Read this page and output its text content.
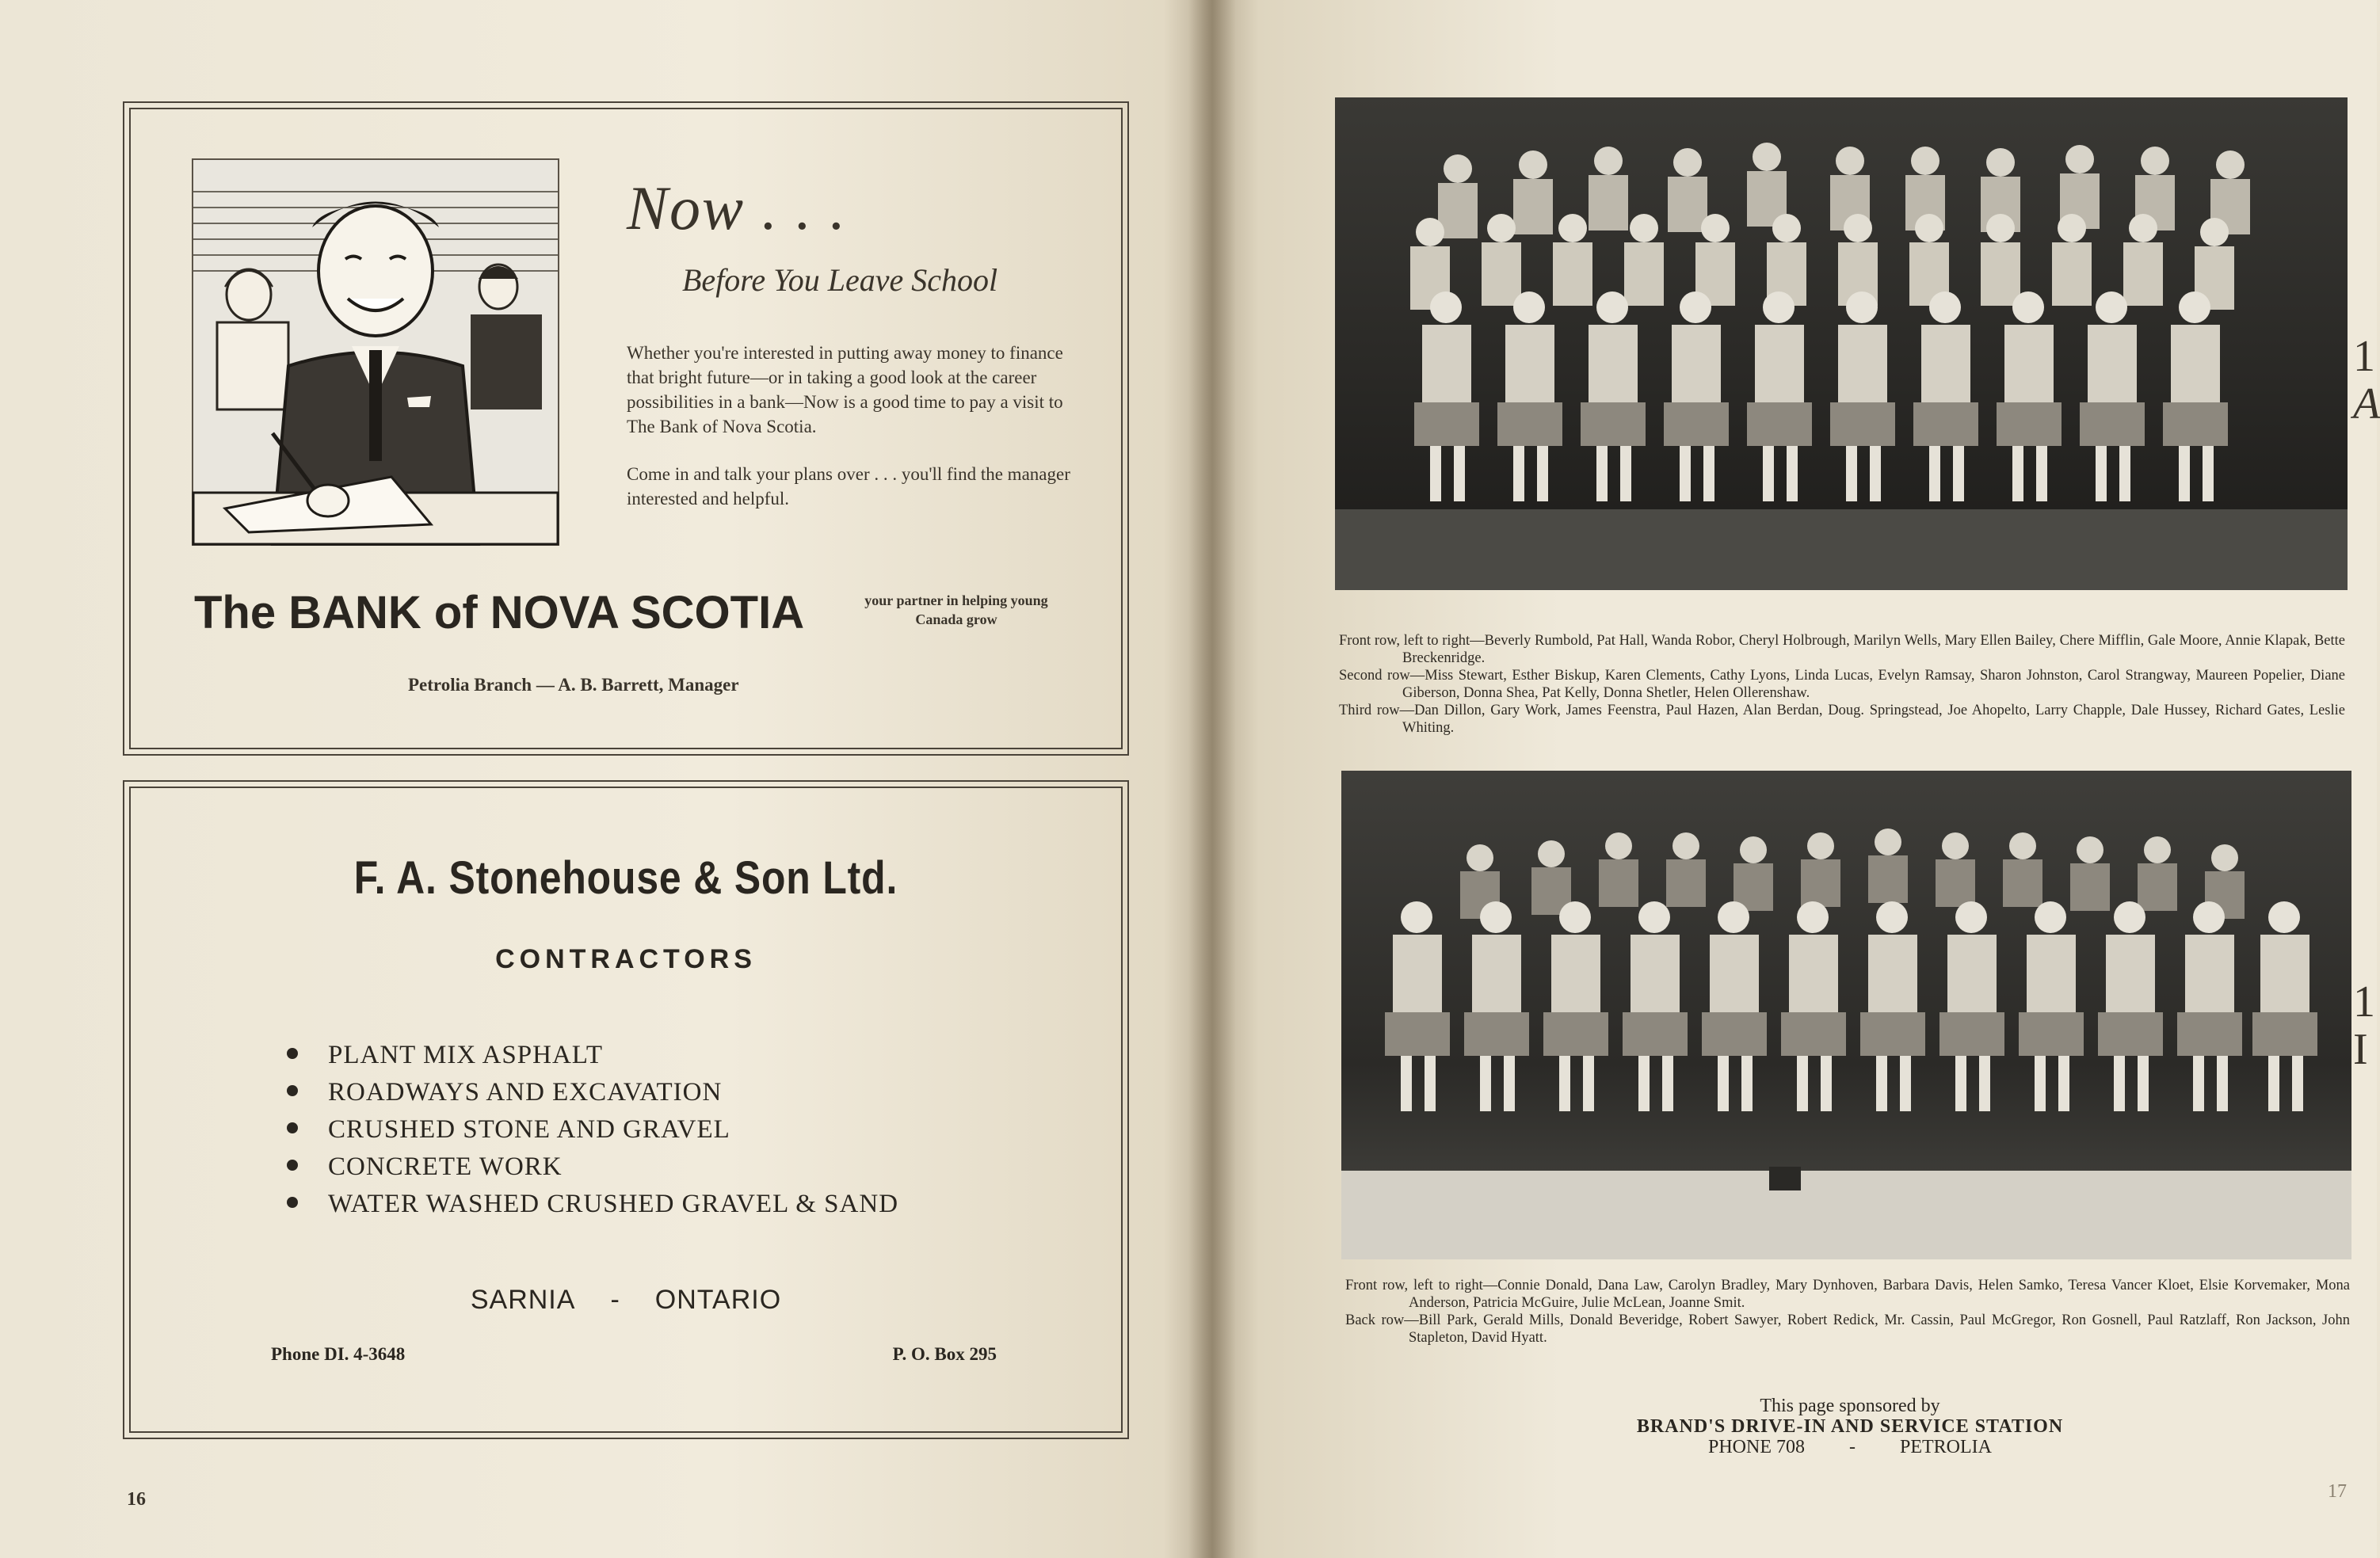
Now . . .
Before You Leave School

Whether you're interested in putting away money to finance that bright future—or in taking a good look at the career possibilities in a bank—Now is a good time to pay a visit to The Bank of Nova Scotia.

Come in and talk your plans over . . . you'll find the manager interested and helpful.

The BANK of NOVA SCOTIA	your partner in helping young Canada grow
Petrolia Branch — A. B. Barrett, Manager
F. A. Stonehouse & Son Ltd.
CONTRACTORS
PLANT MIX ASPHALT
ROADWAYS AND EXCAVATION
CRUSHED STONE AND GRAVEL
CONCRETE WORK
WATER WASHED CRUSHED GRAVEL & SAND
SARNIA - ONTARIO
Phone DI. 4-3648	P. O. Box 295
16

Front row, left to right—Beverly Rumbold, Pat Hall, Wanda Robor, Cheryl Holbrough, Marilyn Wells, Mary Ellen Bailey, Chere Mifflin, Gale Moore, Annie Klapak, Bette Breckenridge.

Second row—Miss Stewart, Esther Biskup, Karen Clements, Cathy Lyons, Linda Lucas, Evelyn Ramsay, Sharon Johnston, Carol Strangway, Maureen Popelier, Diane Giberson, Donna Shea, Pat Kelly, Donna Shetler, Helen Ollerenshaw.

Third row—Dan Dillon, Gary Work, James Feenstra, Paul Hazen, Alan Berdan, Doug. Springstead, Joe Ahopelto, Larry Chapple, Dale Hussey, Richard Gates, Leslie Whiting.

Front row, left to right—Connie Donald, Dana Law, Carolyn Bradley, Mary Dynhoven, Barbara Davis, Helen Samko, Teresa Vancer Kloet, Elsie Korvemaker, Mona Anderson, Patricia McGuire, Julie McLean, Joanne Smit.

Back row—Bill Park, Gerald Mills, Donald Beveridge, Robert Sawyer, Robert Redick, Mr. Cassin, Paul McGregor, Ron Gosnell, Paul Ratzlaff, Ron Jackson, John Stapleton, David Hyatt.

This page sponsored by
BRAND'S DRIVE-IN AND SERVICE STATION
PHONE 708 - PETROLIA
17
1
A
1
I
